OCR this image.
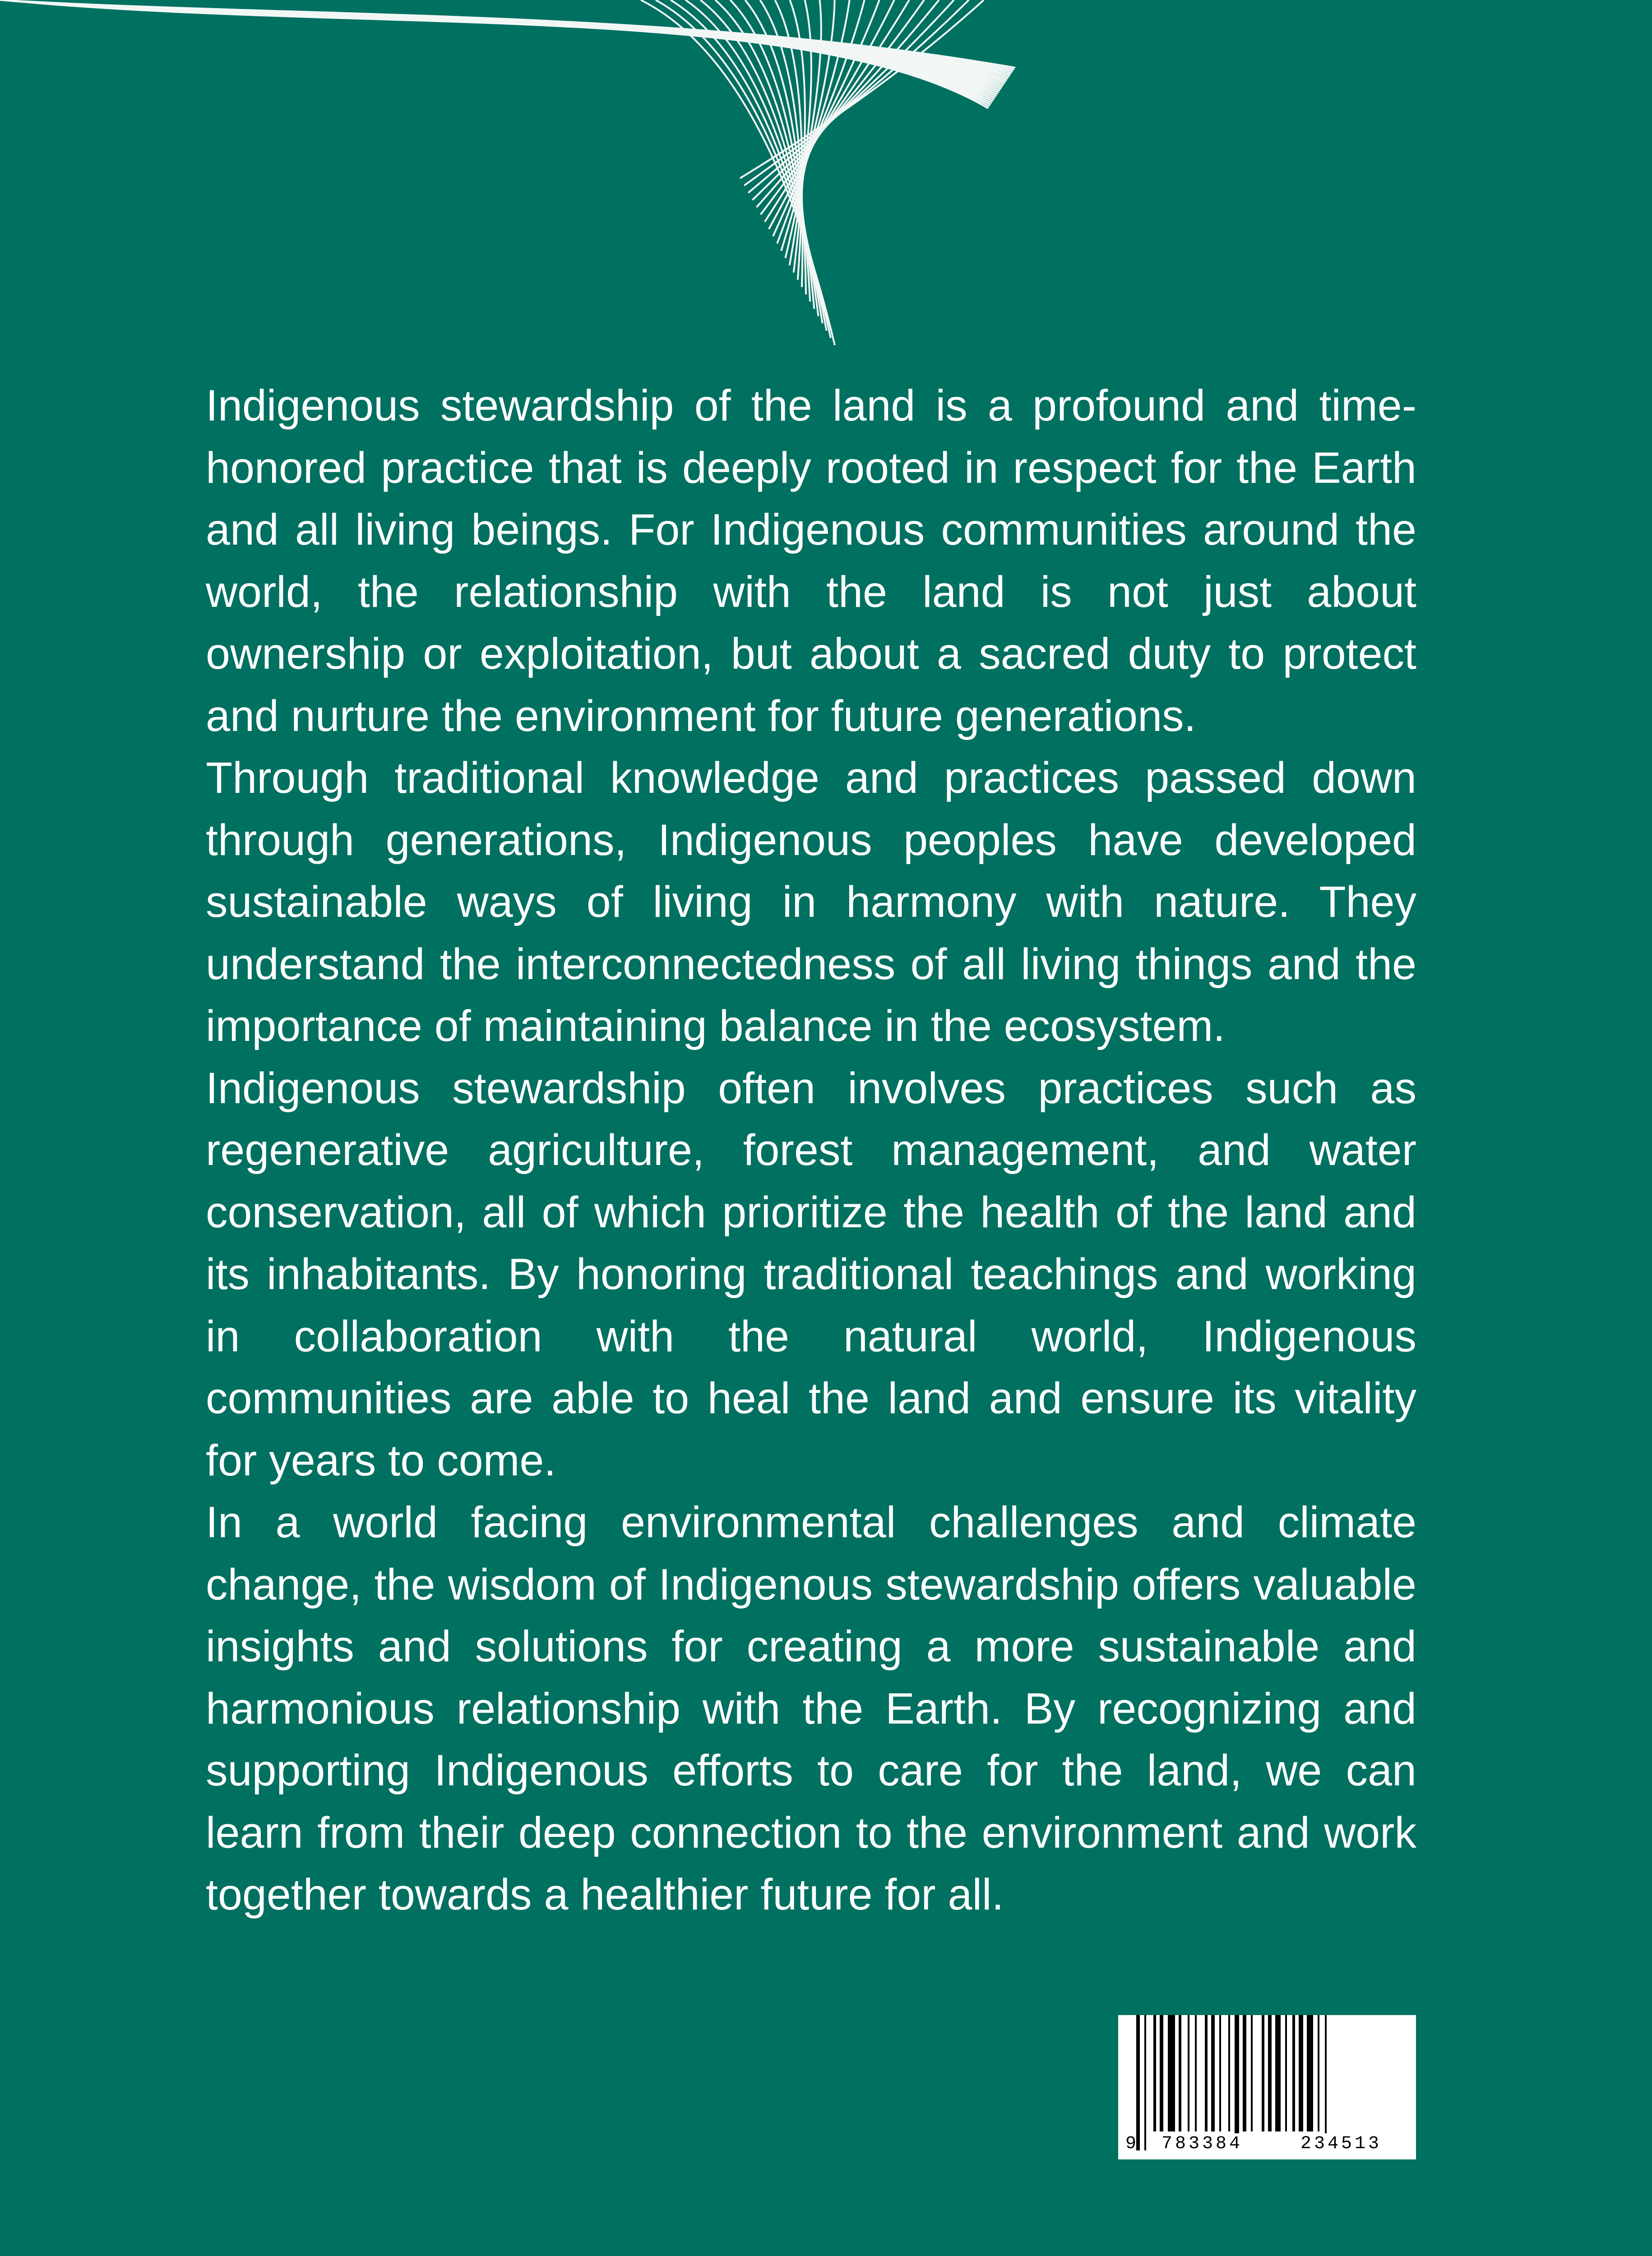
Indigenous stewardship of the land is a profound and time-honored practice that is deeply rooted in respect for the Earth and all living beings. For Indigenous communities around the world, the relationship with the land is not just about ownership or exploitation, but about a sacred duty to protect and nurture the environment for future generations.

Through traditional knowledge and practices passed down through generations, Indigenous peoples have developed sustainable ways of living in harmony with nature. They understand the interconnectedness of all living things and the importance of maintaining balance in the ecosystem.

Indigenous stewardship often involves practices such as regenerative agriculture, forest management, and water conservation, all of which prioritize the health of the land and its inhabitants. By honoring traditional teachings and working in collaboration with the natural world, Indigenous communities are able to heal the land and ensure its vitality for years to come.

In a world facing environmental challenges and climate change, the wisdom of Indigenous stewardship offers valuable insights and solutions for creating a more sustainable and harmonious relationship with the Earth. By recognizing and supporting Indigenous efforts to care for the land, we can learn from their deep connection to the environment and work together towards a healthier future for all.

9 783384	234513
